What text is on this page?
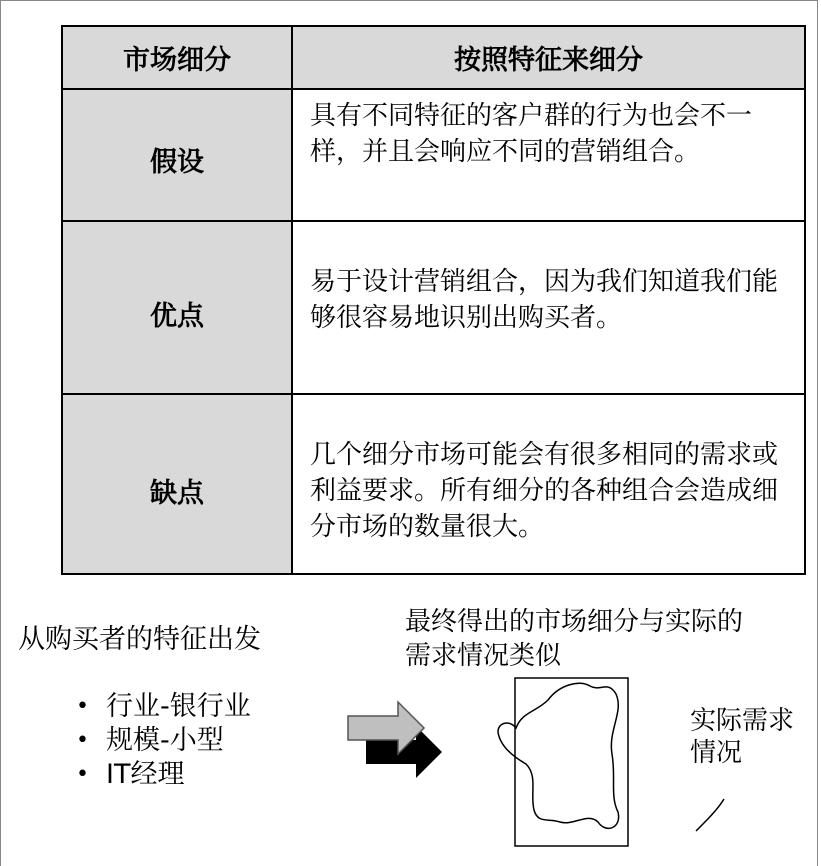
市场细分	按照特征来细分
假设	具有不同特征的客户群的行为也会不一样，并且会响应不同的营销组合。
优点	易于设计营销组合，因为我们知道我们能够很容易地识别出购买者。
缺点	几个细分市场可能会有很多相同的需求或利益要求。所有细分的各种组合会造成细分市场的数量很大。
从购买者的特征出发
• 行业-银行业
• 规模-小型
• IT经理
最终得出的市场细分与实际的
需求情况类似
实际需求
情况
